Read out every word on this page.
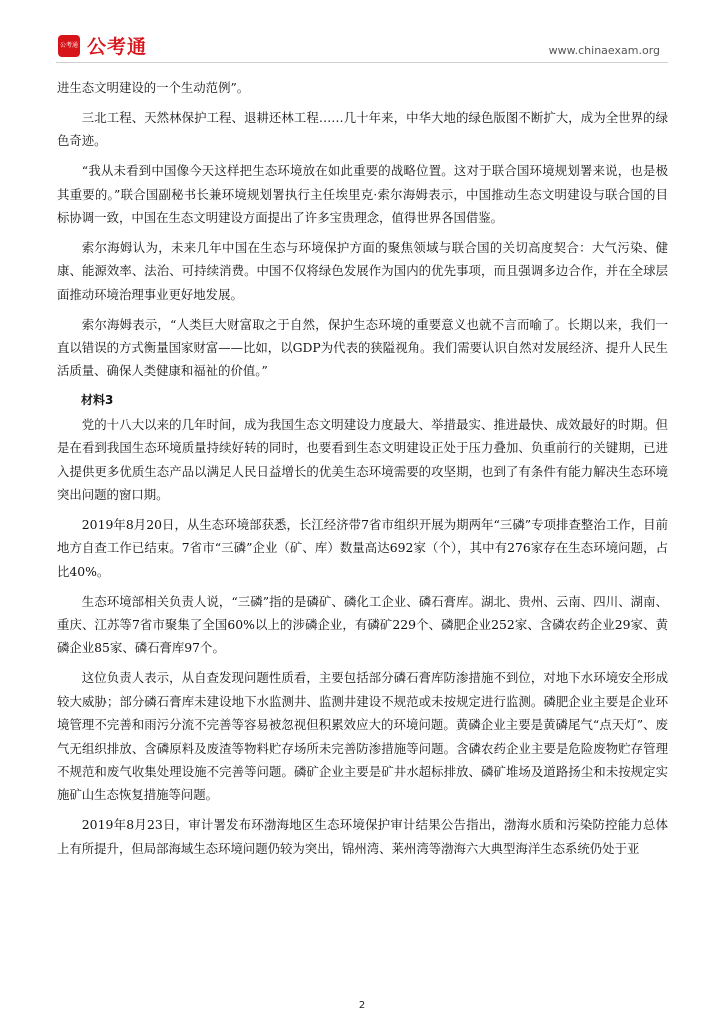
公考通 公考通	www.chinaexam.org

进生态文明建设的一个生动范例”。

三北工程、天然林保护工程、退耕还林工程……几十年来，中华大地的绿色版图不断扩大，成为全世界的绿色奇迹。

“我从未看到中国像今天这样把生态环境放在如此重要的战略位置。这对于联合国环境规划署来说，也是极其重要的。”联合国副秘书长兼环境规划署执行主任埃里克·索尔海姆表示，中国推动生态文明建设与联合国的目标协调一致，中国在生态文明建设方面提出了许多宝贵理念，值得世界各国借鉴。

索尔海姆认为，未来几年中国在生态与环境保护方面的聚焦领域与联合国的关切高度契合：大气污染、健康、能源效率、法治、可持续消费。中国不仅将绿色发展作为国内的优先事项，而且强调多边合作，并在全球层面推动环境治理事业更好地发展。

索尔海姆表示，“人类巨大财富取之于自然，保护生态环境的重要意义也就不言而喻了。长期以来，我们一直以错误的方式衡量国家财富——比如，以GDP为代表的狭隘视角。我们需要认识自然对发展经济、提升人民生活质量、确保人类健康和福祉的价值。”

材料3

党的十八大以来的几年时间，成为我国生态文明建设力度最大、举措最实、推进最快、成效最好的时期。但是在看到我国生态环境质量持续好转的同时，也要看到生态文明建设正处于压力叠加、负重前行的关键期，已进入提供更多优质生态产品以满足人民日益增长的优美生态环境需要的攻坚期，也到了有条件有能力解决生态环境突出问题的窗口期。

2019年8月20日，从生态环境部获悉，长江经济带7省市组织开展为期两年“三磷”专项排查整治工作，目前地方自查工作已结束。7省市“三磷”企业（矿、库）数量高达692家（个），其中有276家存在生态环境问题，占比40%。

生态环境部相关负责人说，“三磷”指的是磷矿、磷化工企业、磷石膏库。湖北、贵州、云南、四川、湖南、重庆、江苏等7省市聚集了全国60%以上的涉磷企业，有磷矿229个、磷肥企业252家、含磷农药企业29家、黄磷企业85家、磷石膏库97个。

这位负责人表示，从自查发现问题性质看，主要包括部分磷石膏库防渗措施不到位，对地下水环境安全形成较大威胁；部分磷石膏库未建设地下水监测井、监测井建设不规范或未按规定进行监测。磷肥企业主要是企业环境管理不完善和雨污分流不完善等容易被忽视但积累效应大的环境问题。黄磷企业主要是黄磷尾气“点天灯”、废气无组织排放、含磷原料及废渣等物料贮存场所未完善防渗措施等问题。含磷农药企业主要是危险废物贮存管理不规范和废气收集处理设施不完善等问题。磷矿企业主要是矿井水超标排放、磷矿堆场及道路扬尘和未按规定实施矿山生态恢复措施等问题。

2019年8月23日，审计署发布环渤海地区生态环境保护审计结果公告指出，渤海水质和污染防控能力总体上有所提升，但局部海域生态环境问题仍较为突出，锦州湾、莱州湾等渤海六大典型海洋生态系统仍处于亚

2
